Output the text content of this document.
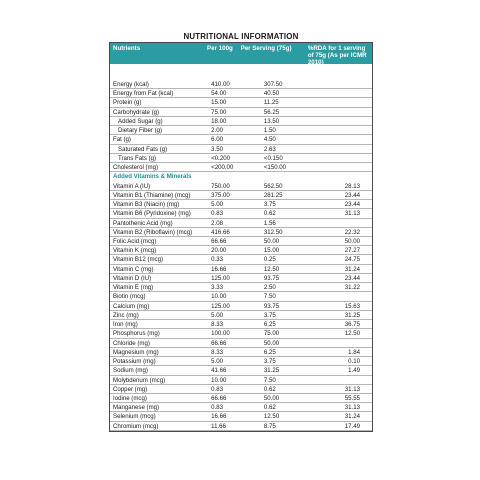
NUTRITIONAL INFORMATION
Nutrients	Per 100g	Per Serving (75g)	%RDA for 1 serving of 75g (As per ICMR 2010)
Energy (kcal)	410.00	307.50
Energy from Fat (kcal)	54.00	40.50
Protein (g)	15.00	11.25
Carbohydrate (g)	75.00	56.25
Added Sugar (g)	18.00	13.50
Dietary Fiber (g)	2.00	1.50
Fat (g)	6.00	4.50
Saturated Fats (g)	3.50	2.63
Trans Fats (g)	<0.200	<0.150
Cholesterol (mg)	<200.00	<150.00
Added Vitamins & Minerals
Vitamin A (IU)	750.00	562.50	28.13
Vitamin B1 (Thiamine) (mcg)	375.00	281.25	23.44
Vitamin B3 (Niacin) (mg)	5.00	3.75	23.44
Vitamin B6 (Pyridoxine) (mg)	0.83	0.62	31.13
Pantothenic Acid (mg)	2.08	1.56
Vitamin B2 (Riboflavin) (mcg)	416.66	312.50	22.32
Folic Acid (mcg)	66.66	50.00	50.00
Vitamin K (mcg)	20.00	15.00	27.27
Vitamin B12 (mcg)	0.33	0.25	24.75
Vitamin C (mg)	16.66	12.50	31.24
Vitamin D (IU)	125.00	93.75	23.44
Vitamin E (mg)	3.33	2.50	31.22
Biotin (mcg)	10.00	7.50
Calcium (mg)	125.00	93.75	15.63
Zinc (mg)	5.00	3.75	31.25
Iron (mg)	8.33	6.25	36.75
Phosphorus (mg)	100.00	75.00	12.50
Chloride (mg)	66.66	50.00
Magnesium (mg)	8.33	6.25	1.84
Potassium (mg)	5.00	3.75	0.10
Sodium (mg)	41.66	31.25	1.49
Molybdenum (mcg)	10.00	7.50
Copper (mg)	0.83	0.62	31.13
Iodine (mcg)	66.66	50.00	55.55
Manganese (mg)	0.83	0.62	31.13
Selenium (mcg)	16.66	12.50	31.24
Chromium (mcg)	11.66	8.75	17.49
